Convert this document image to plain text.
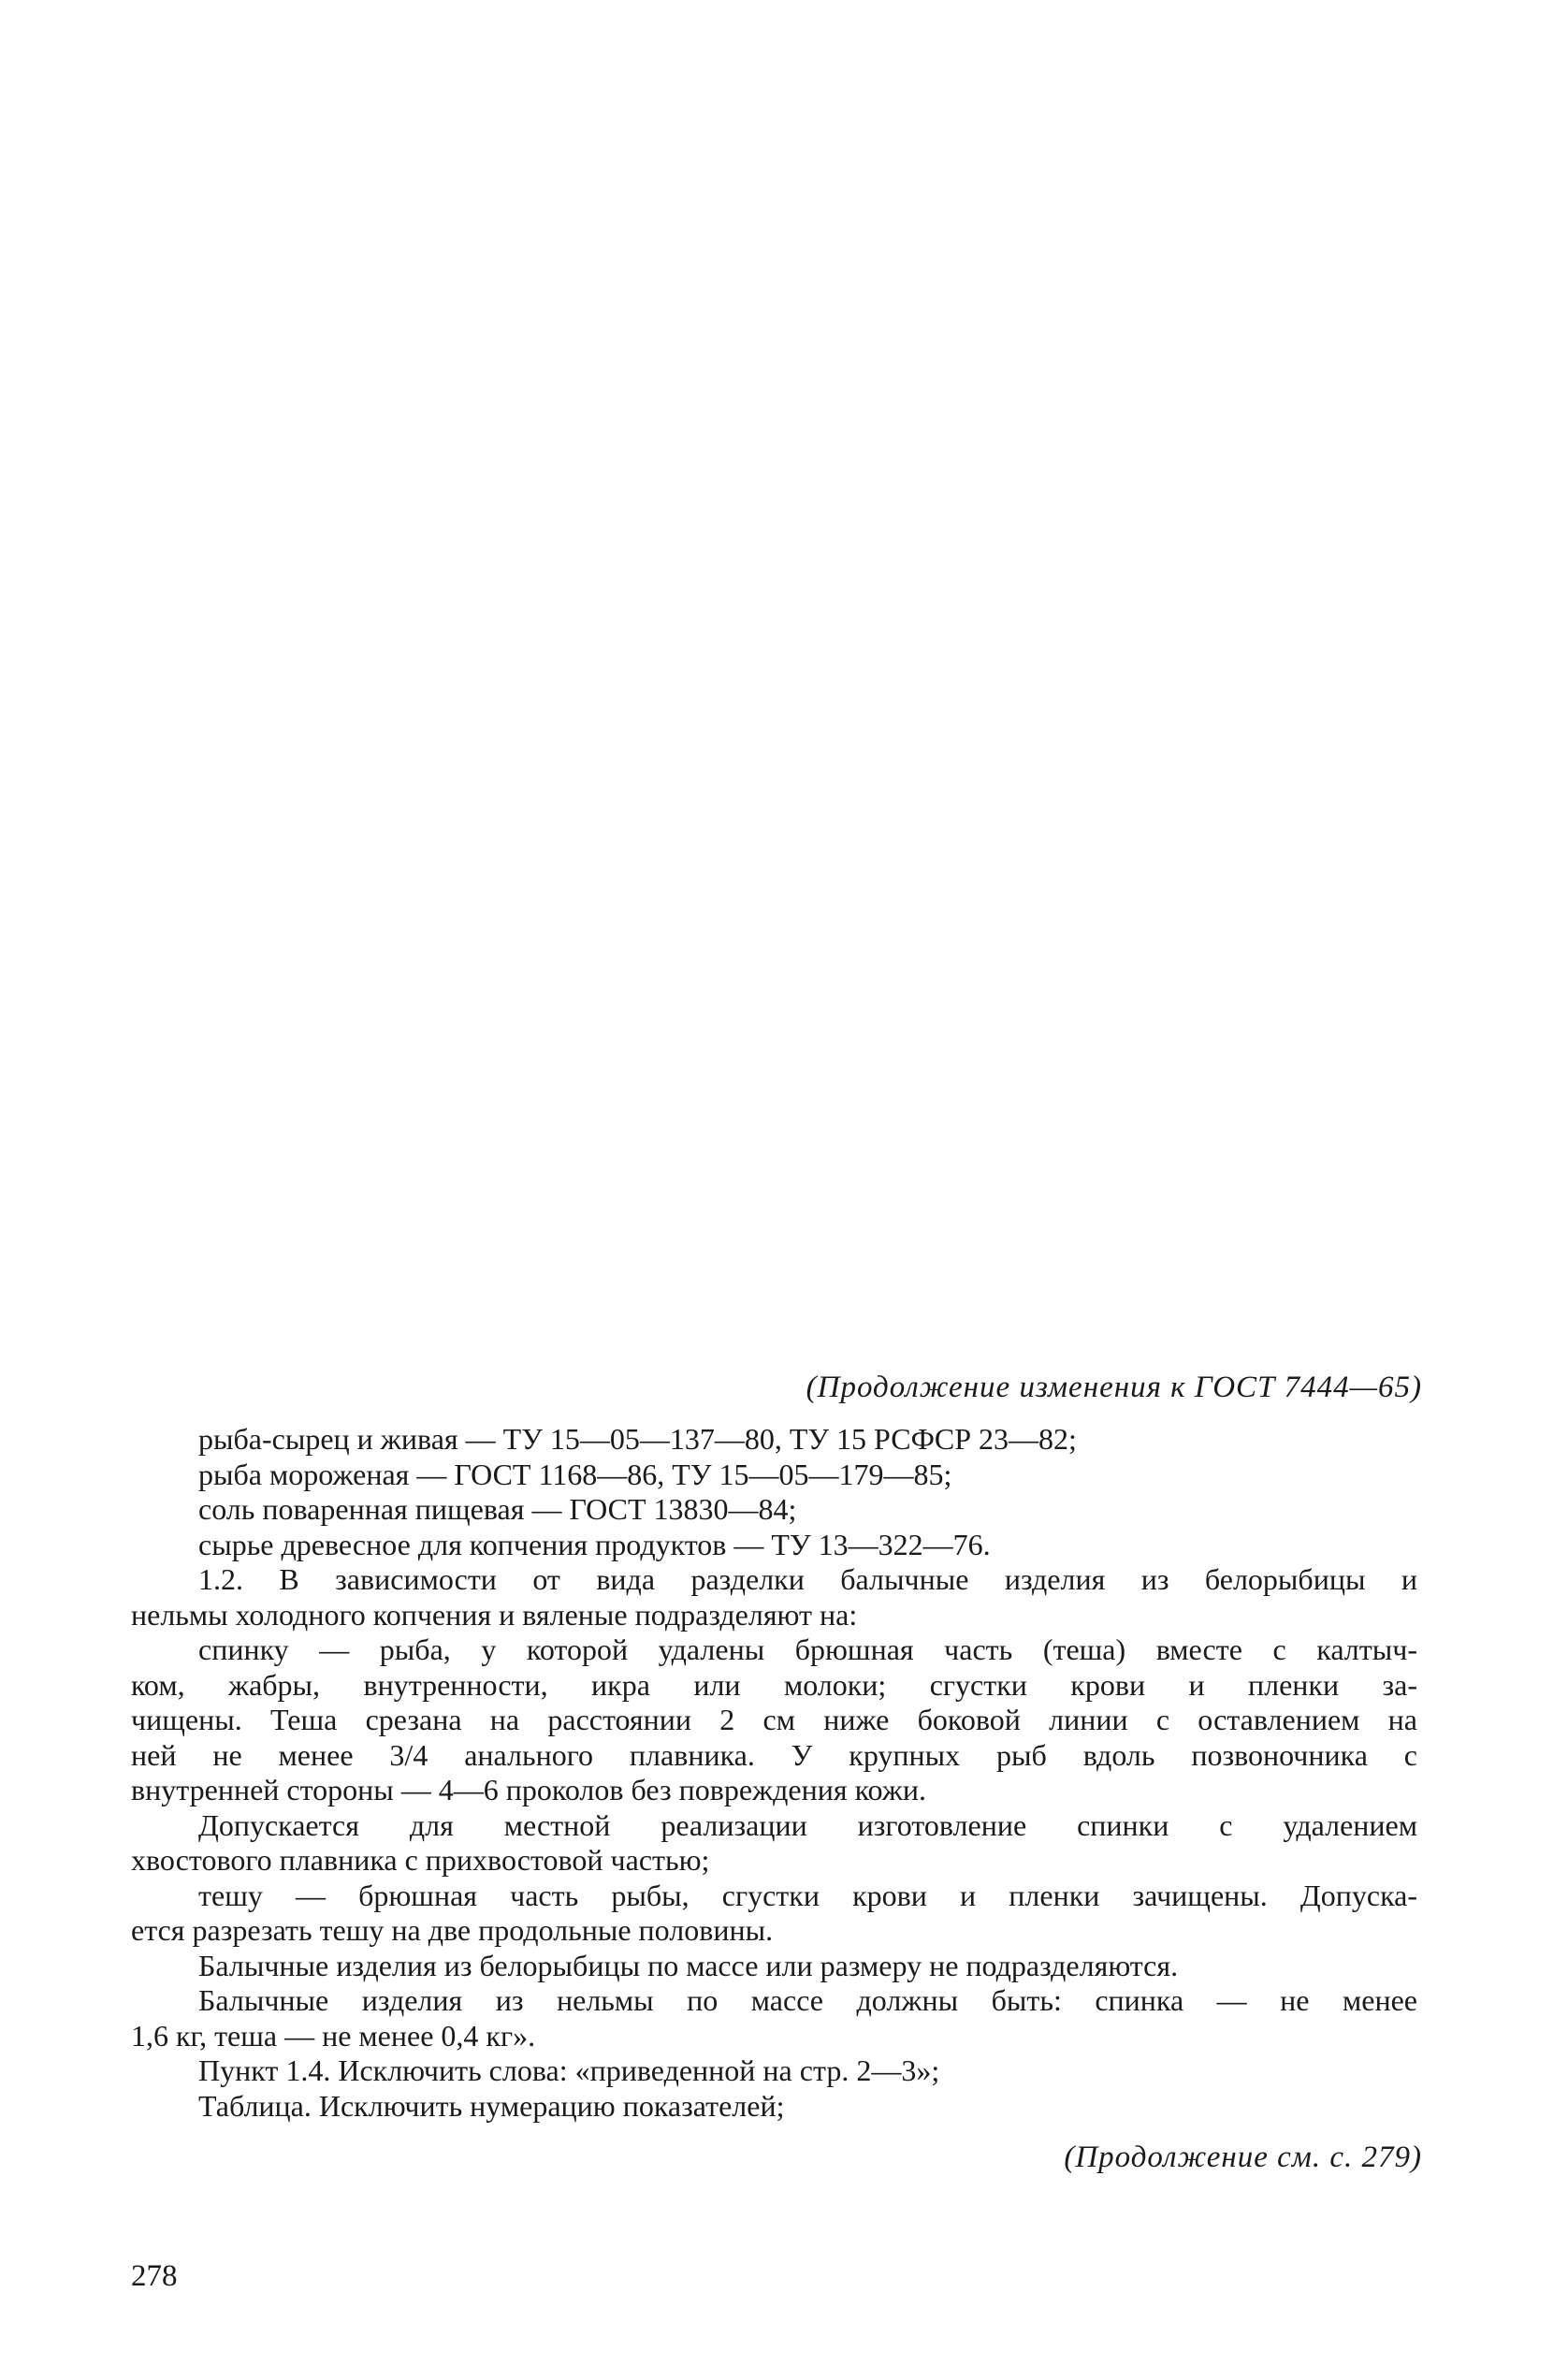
(Продолжение изменения к ГОСТ 7444—65)
рыба-сырец и живая — ТУ 15—05—137—80, ТУ 15 РСФСР 23—82;
рыба мороженая — ГОСТ 1168—86, ТУ 15—05—179—85;
соль поваренная пищевая — ГОСТ 13830—84;
сырье древесное для копчения продуктов — ТУ 13—322—76.
1.2. В зависимости от вида разделки балычные изделия из белорыбицы и
нельмы холодного копчения и вяленые подразделяют на:
спинку — рыба, у которой удалены брюшная часть (теша) вместе с калтыч-
ком, жабры, внутренности, икра или молоки; сгустки крови и пленки за-
чищены. Теша срезана на расстоянии 2 см ниже боковой линии с оставлением на
ней не менее 3/4 анального плавника. У крупных рыб вдоль позвоночника с
внутренней стороны — 4—6 проколов без повреждения кожи.
Допускается для местной реализации изготовление спинки с удалением
хвостового плавника с прихвостовой частью;
тешу — брюшная часть рыбы, сгустки крови и пленки зачищены. Допуска-
ется разрезать тешу на две продольные половины.
Балычные изделия из белорыбицы по массе или размеру не подразделяются.
Балычные изделия из нельмы по массе должны быть: спинка — не менее
1,6 кг, теша — не менее 0,4 кг».
Пункт 1.4. Исключить слова: «приведенной на стр. 2—3»;
Таблица. Исключить нумерацию показателей;
(Продолжение см. с. 279)
278
